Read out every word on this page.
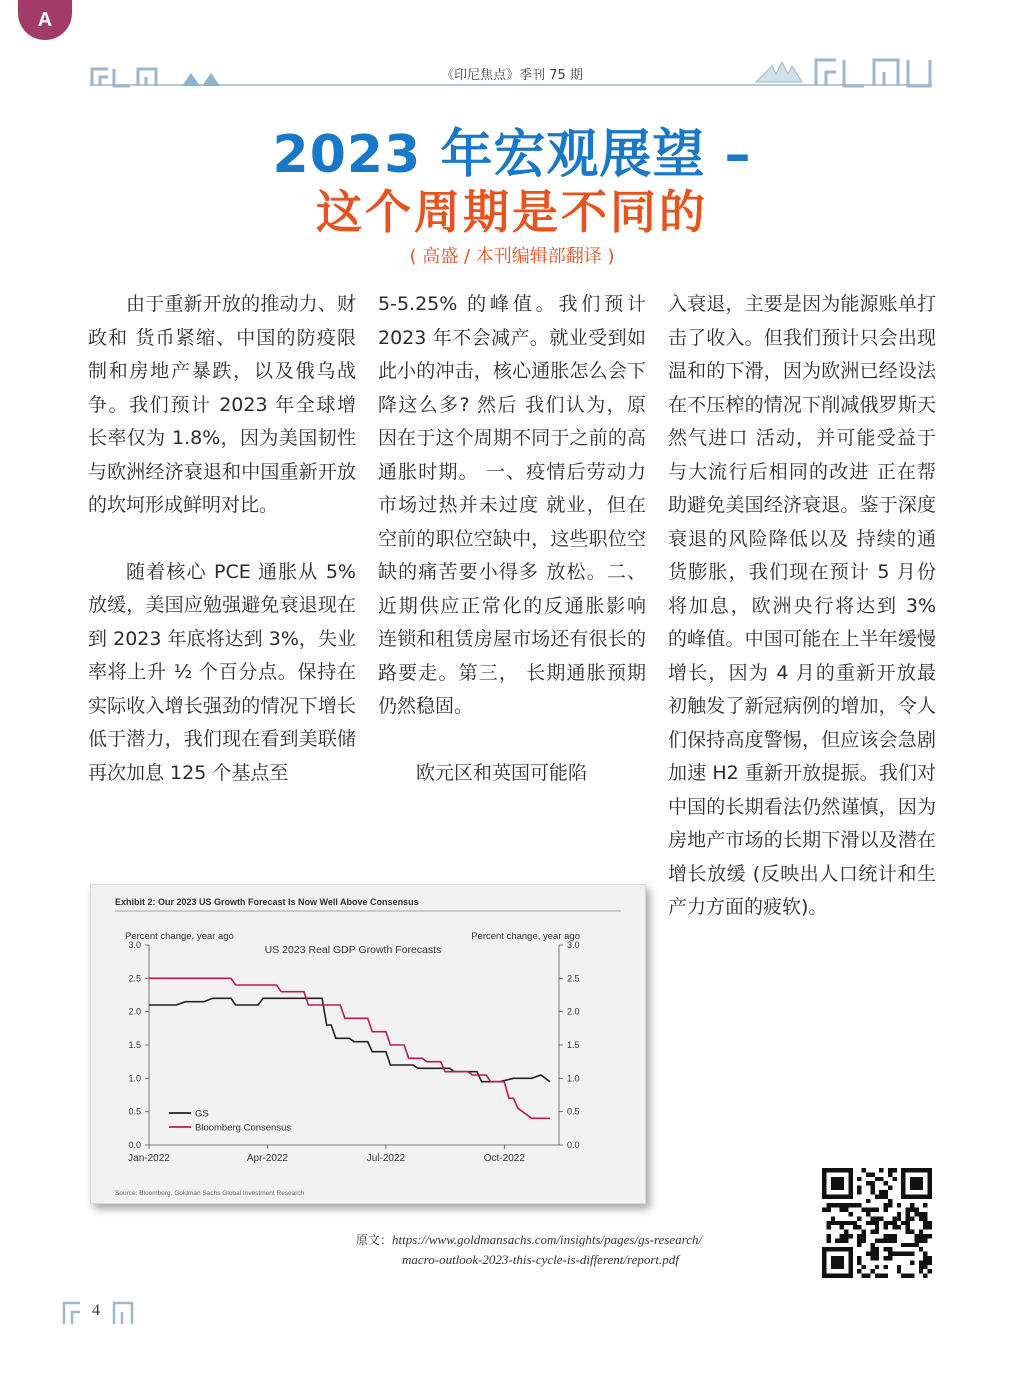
A
《印尼焦点》季刊 75 期
2023 年宏观展望 –
这个周期是不同的
( 高盛 / 本刊编辑部翻译 )

由于重新开放的推动力、财政和 货币紧缩、中国的防疫限制和房地产暴跌，以及俄乌战争。我们预计 2023 年全球增长率仅为 1.8%，因为美国韧性与欧洲经济衰退和中国重新开放的坎坷形成鲜明对比。

随着核心 PCE 通胀从 5% 放缓，美国应勉强避免衰退现在到 2023 年底将达到 3%，失业率将上升 ½ 个百分点。保持在实际收入增长强劲的情况下增长低于潜力，我们现在看到美联储再次加息 125 个基点至

5-5.25% 的峰值。我们预计 2023 年不会减产。就业受到如此小的冲击，核心通胀怎么会下降这么多? 然后 我们认为，原因在于这个周期不同于之前的高通胀时期。 一、疫情后劳动力市场过热并未过度 就业，但在空前的职位空缺中，这些职位空缺的痛苦要小得多 放松。二、近期供应正常化的反通胀影响 连锁和租赁房屋市场还有很长的路要走。第三， 长期通胀预期仍然稳固。

欧元区和英国可能陷

入衰退，主要是因为能源账单打击了收入。但我们预计只会出现温和的下滑，因为欧洲已经设法在不压榨的情况下削减俄罗斯天然气进口 活动，并可能受益于与大流行后相同的改进 正在帮助避免美国经济衰退。鉴于深度衰退的风险降低以及 持续的通货膨胀，我们现在预计 5 月份将加息，欧洲央行将达到 3% 的峰值。中国可能在上半年缓慢增长，因为 4 月的重新开放最初触发了新冠病例的增加，令人们保持高度警惕，但应该会急剧加速 H2 重新开放提振。我们对中国的长期看法仍然谨慎，因为房地产市场的长期下滑以及潜在增长放缓 (反映出人口统计和生产力方面的疲软)。

Exhibit 2: Our 2023 US Growth Forecast Is Now Well Above Consensus
Percent change, year ago	Percent change, year ago
US 2023 Real GDP Growth Forecasts
0.0	0.0
0.5	0.5
1.0	1.0
1.5	1.5
2.0	2.0
2.5	2.5
3.0	3.0
Jan-2022	Apr-2022	Jul-2022	Oct-2022
GS
Bloomberg Consensus
Source: Bloomberg, Goldman Sachs Global Investment Research
原文：https://www.goldmansachs.com/insights/pages/gs-research/
macro-outlook-2023-this-cycle-is-different/report.pdf
4
